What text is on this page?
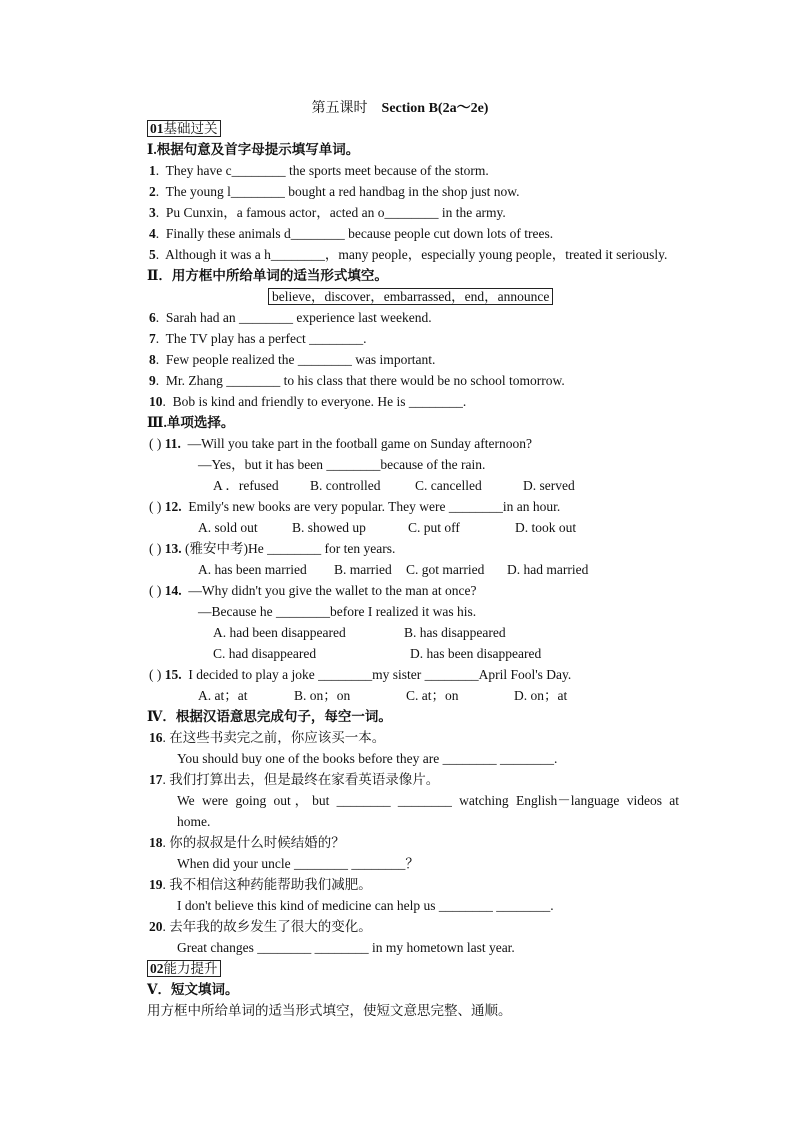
第五课时 Section B(2a～2e)
01基础过关
Ⅰ.根据句意及首字母提示填写单词。
1.  They have c________ the sports meet because of the storm.
2.  The young l________ bought a red handbag in the shop just now.
3.  Pu Cunxin，a famous actor，acted an o________ in the army.
4.  Finally these animals d________ because people cut down lots of trees.
5.  Although it was a h________，many people，especially young people，treated it seriously.
Ⅱ．用方框中所给单词的适当形式填空。
believe，discover，embarrassed，end，announce
6.  Sarah had an ________ experience last weekend.
7.  The TV play has a perfect ________.
8.  Few people realized the ________ was important.
9.  Mr. Zhang ________ to his class that there would be no school tomorrow.
10.  Bob is kind and friendly to everyone. He is ________.
Ⅲ.单项选择。
( ) 11. —Will you take part in the football game on Sunday afternoon?
—Yes，but it has been ________because of the rain.
A ．refused B. controlled	C. cancelled	D. served
( ) 12. Emily's new books are very popular. They were ________in an hour.
A. sold out	B. showed up	C. put off	D. took out
( ) 13. (雅安中考)He ________ for ten years.
A. has been married B. married C. got married D. had married
( ) 14. —Why didn't you give the wallet to the man at once?
—Because he ________before I realized it was his.
A. had been disappeared	B. has disappeared
C. had disappeared	D. has been disappeared
( ) 15. I decided to play a joke ________my sister ________April Fool's Day.
A. at；at	B. on；on	C. at；on	D. on；at
Ⅳ．根据汉语意思完成句子，每空一词。
16. 在这些书卖完之前，你应该买一本。
You should buy one of the books before they are ________ ________.
17. 我们打算出去，但是最终在家看英语录像片。
We were going out，but ________ ________ watching English－language videos at
home.
18. 你的叔叔是什么时候结婚的？
When did your uncle ________ ________？
19. 我不相信这种药能帮助我们减肥。
I don't believe this kind of medicine can help us ________ ________.
20. 去年我的故乡发生了很大的变化。
Great changes ________ ________ in my hometown last year.
02能力提升
Ⅴ．短文填词。
用方框中所给单词的适当形式填空，使短文意思完整、通顺。
